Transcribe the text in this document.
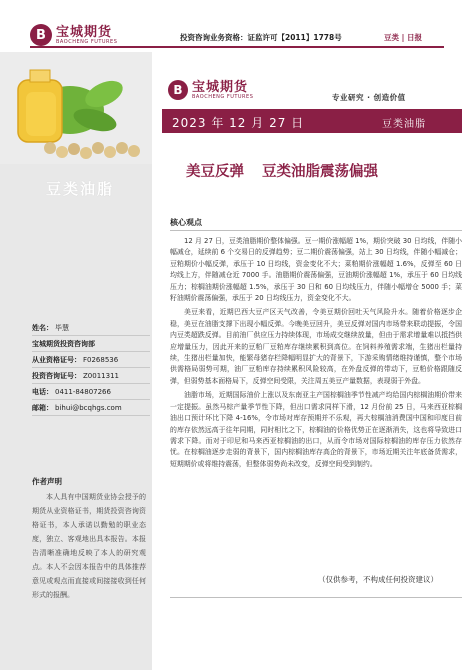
B 宝城期货
BAOCHENG FUTURES	投资咨询业务资格：证监许可【2011】1778号	豆类 | 日报
豆类油脂
姓名： 毕慧
宝城期货投资咨询部
从业资格证号： F0268536
投资咨询证号： Z0011311
电话： 0411-84807266
邮箱： bihui@bcqhgs.com
作者声明
本人具有中国期货业协会授予的期货从业资格证书，期货投资咨询资格证书，本人承诺以勤勉的职业态度，独立、客观地出具本报告。本报告清晰准确地反映了本人的研究观点。本人不会因本报告中的具体推荐意见或观点而直接或间接接收到任何形式的报酬。
B 宝城期货
BAOCHENG FUTURES	专业研究 · 创造价值
2023 年 12 月 27 日	豆类油脂
美豆反弹 豆类油脂震荡偏强
核心观点

12 月 27 日，豆类油脂期价整体偏强。豆一期价涨幅超 1%，期价突破 30 日均线，伴随小幅减仓，延续前 6 个交易日的反弹趋势；豆二期价震荡偏强，站上 30 日均线，伴随小幅减仓；豆粕期价小幅反弹，承压于 10 日均线，资金变化不大；菜粕期价涨幅超 1.6%，反弹至 60 日均线上方，伴随减仓近 7000 手。油脂期价震荡偏强，豆油期价涨幅超 1%，承压于 60 日均线压力；棕榈油期价涨幅超 1.5%，承压于 30 日和 60 日均线压力，伴随小幅增仓 5000 手；菜籽油期价震荡偏强，承压于 20 日均线压力，资金变化不大。

美豆来看，近期巴西大豆产区天气改善，令美豆期价回吐天气风险升水。随着价格逐步企稳，美豆在油脂支撑下出现小幅反弹。今晚美豆回升，美豆反弹对国内市场带来联动提振，令国内豆类超跌反弹。目前油厂供应压力持续体现，市场成交继续放量，但由于需求增量难以抵挡供应增量压力，因此开来的豆粕厂豆粕库存继续累积到高位。在饲料养殖需求端，生猪出栏量持续，生猪出栏量加快，能繁母猪存栏降幅明显扩大的背景下，下游采购情绪维持谨慎，整个市场供需格局弱势可期，油厂豆粕库存持续累积风险较高，在外盘反弹的带动下，豆粕价格跟随反弹，但弱势基本面格局下，反弹空间受限，关注周五美豆产量数据，表现弱于外盘。

油脂市场，近期国际油价上涨以及东南亚主产国棕榈油季节性减产均给国内棕榈油期价带来一定提振。虽然马棕产量季节性下降，但出口需求同样下滑，12 月份前 25 日，马来西亚棕榈油出口预计环比下降 4-16%，令市场对库存预期并不乐观，再大棕榈油消费国中国和印度目前的库存依然远高于往年同期，同时相比之下，棕榈油的价格优势正在逐渐消失，这也将导致进口需求下降。而对于印尼和马来西亚棕榈油的出口，从而令市场对国际棕榈油的库存压力依然存忧。在棕榈油逐步走弱的背景下，国内棕榈油库存高企的背景下，市场近期关注年底备货需求，短期期价或将维持震荡，但整体弱势尚未改变，反弹空间受到制约。

（仅供参考，不构成任何投资建议）
